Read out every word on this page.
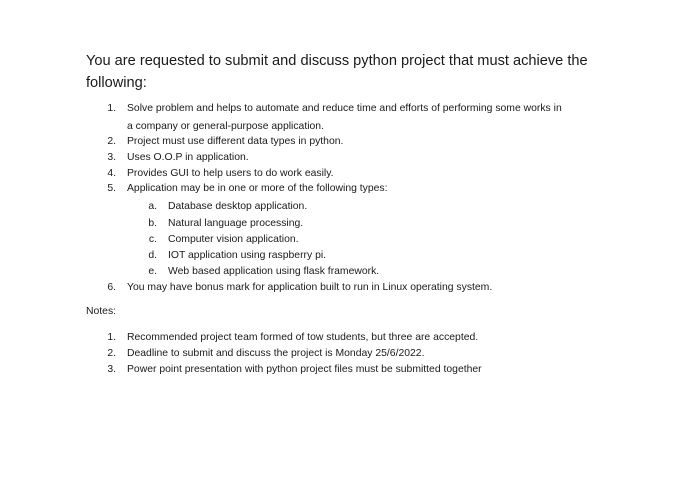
You are requested to submit and discuss python project that must achieve the following:

1. Solve problem and helps to automate and reduce time and efforts of performing some works in
a company or general-purpose application.
2. Project must use different data types in python.
3. Uses O.O.P in application.
4. Provides GUI to help users to do work easily.
5. Application may be in one or more of the following types:
a. Database desktop application.
b. Natural language processing.
c. Computer vision application.
d. IOT application using raspberry pi.
e. Web based application using flask framework.
6. You may have bonus mark for application built to run in Linux operating system.

Notes:

1. Recommended project team formed of tow students, but three are accepted.
2. Deadline to submit and discuss the project is Monday 25/6/2022.
3. Power point presentation with python project files must be submitted together
